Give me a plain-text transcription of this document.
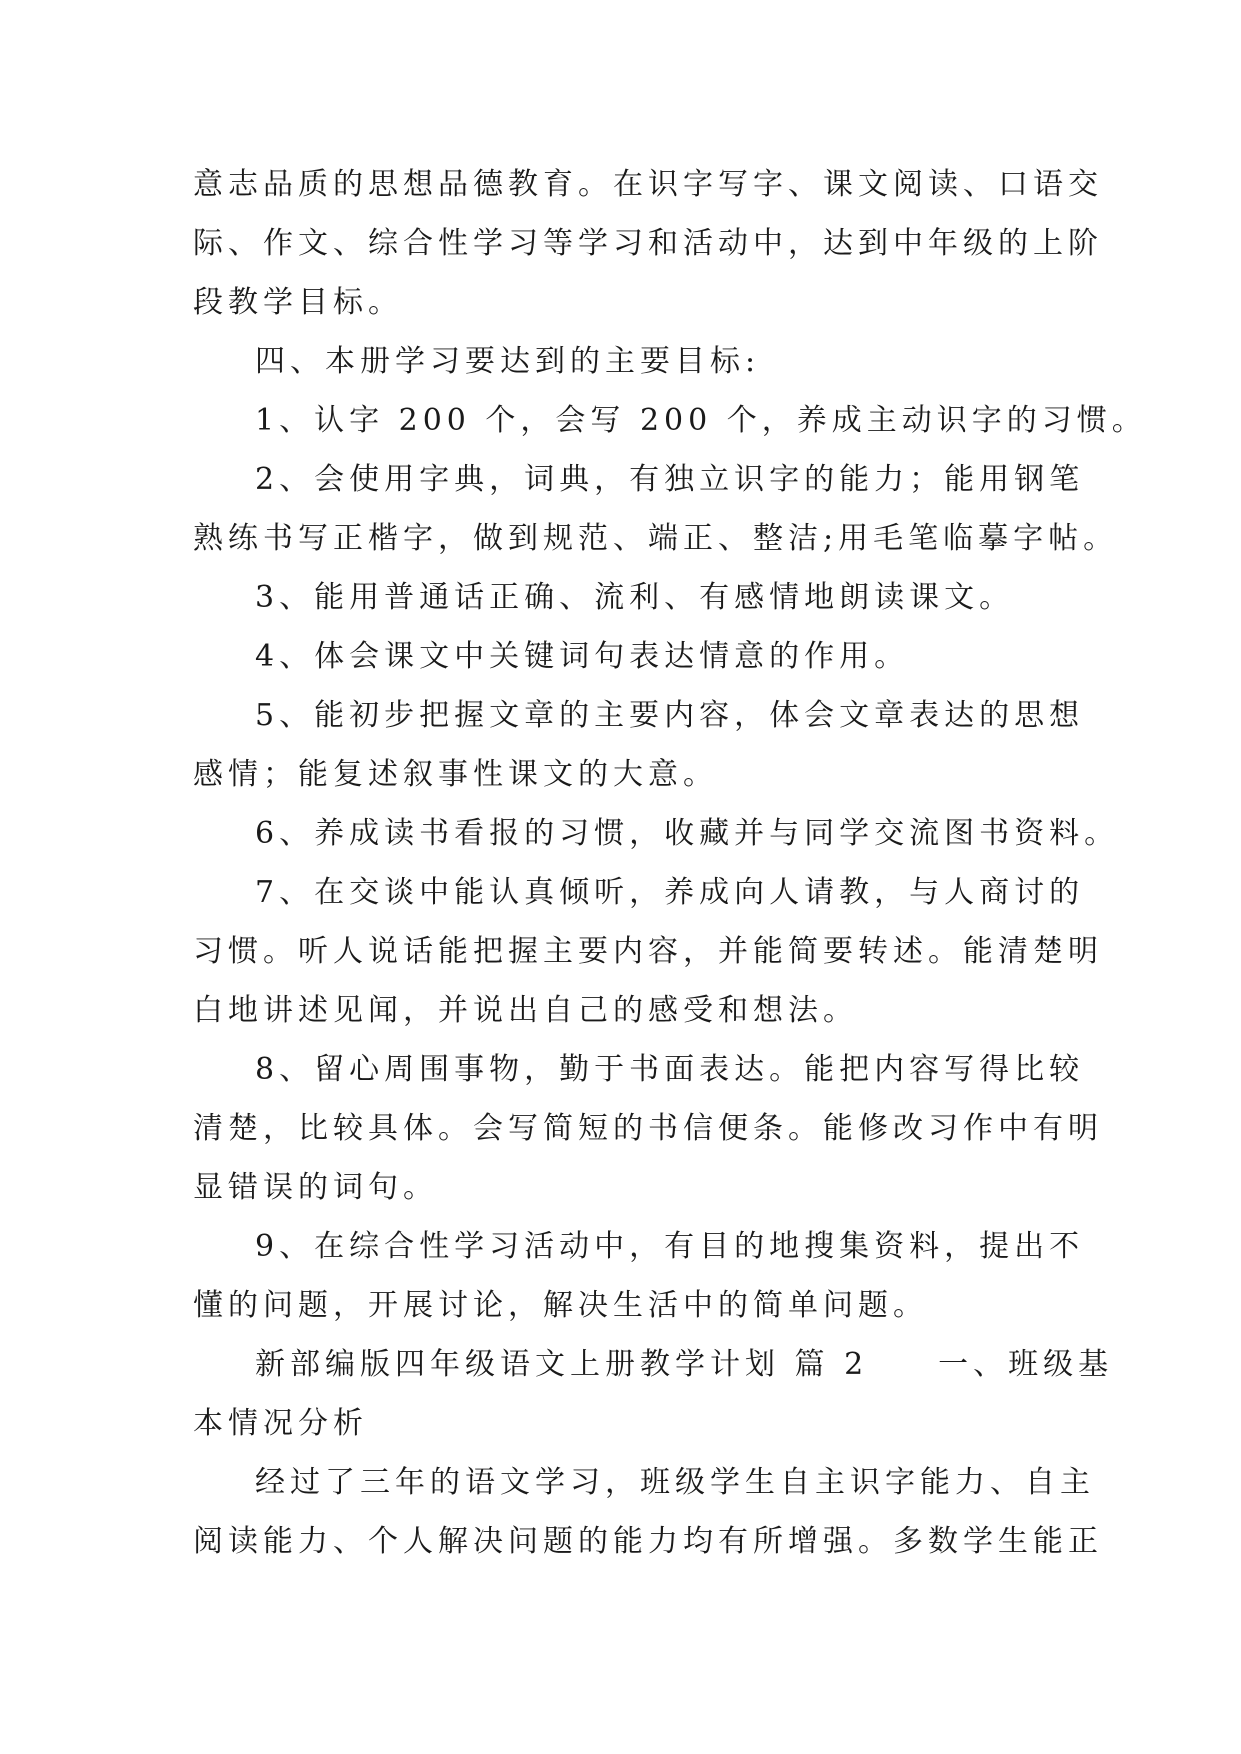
意志品质的思想品德教育。在识字写字、课文阅读、口语交

际、作文、综合性学习等学习和活动中，达到中年级的上阶

段教学目标。

四、本册学习要达到的主要目标:

1、认字 200 个，会写 200 个，养成主动识字的习惯。

2、会使用字典，词典，有独立识字的能力；能用钢笔

熟练书写正楷字，做到规范、端正、整洁;用毛笔临摹字帖。

3、能用普通话正确、流利、有感情地朗读课文。

4、体会课文中关键词句表达情意的作用。

5、能初步把握文章的主要内容，体会文章表达的思想

感情；能复述叙事性课文的大意。

6、养成读书看报的习惯，收藏并与同学交流图书资料。

7、在交谈中能认真倾听，养成向人请教，与人商讨的

习惯。听人说话能把握主要内容，并能简要转述。能清楚明

白地讲述见闻，并说出自己的感受和想法。

8、留心周围事物，勤于书面表达。能把内容写得比较

清楚，比较具体。会写简短的书信便条。能修改习作中有明

显错误的词句。

9、在综合性学习活动中，有目的地搜集资料，提出不

懂的问题，开展讨论，解决生活中的简单问题。

新部编版四年级语文上册教学计划 篇 2　　一、班级基

本情况分析

经过了三年的语文学习，班级学生自主识字能力、自主

阅读能力、个人解决问题的能力均有所增强。多数学生能正
